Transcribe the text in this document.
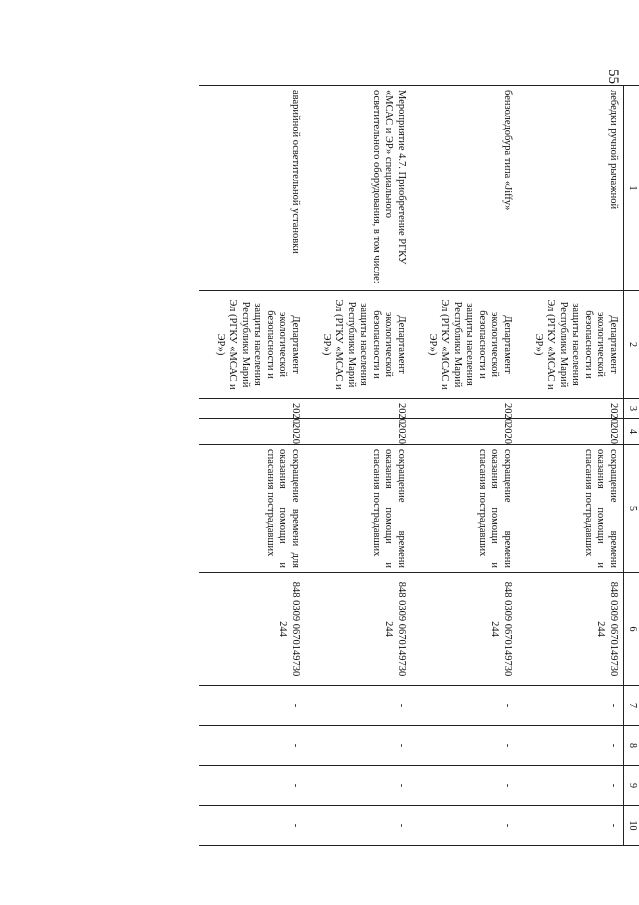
55
1	2	3	4	5	6	7	8	9	10
лебедки ручной рычажной	Департамент экологической безопасности и защиты населения Республики Марий Эл (РГКУ «МСАС и ЭР»)	2020	2020	сокращение времени оказания помощи и спасания пострадавших	848 0309 0670149730 244	-	-	-	-
бензоледобура типа «Jiffy»	Департамент экологической безопасности и защиты населения Республики Марий Эл (РГКУ «МСАС и ЭР»)	2020	2020	сокращение времени оказания помощи и спасания пострадавших	848 0309 0670149730 244	-	-	-	-
Мероприятие 4.7. Приобретение РГКУ «МСАС и ЭР» специального осветительного оборудования, в том числе:	Департамент экологической безопасности и защиты населения Республики Марий Эл (РГКУ «МСАС и ЭР»)	2020	2020	сокращение времени оказания помощи и спасания пострадавших	848 0309 0670149730 244	-	-	-	-
аварийной осветительной установки	Департамент экологической безопасности и защиты населения Республики Марий Эл (РГКУ «МСАС и ЭР»)	2020	2020	сокращение времени для оказания помощи и спасания пострадавших	848 0309 0670149730 244	-	-	-	-
